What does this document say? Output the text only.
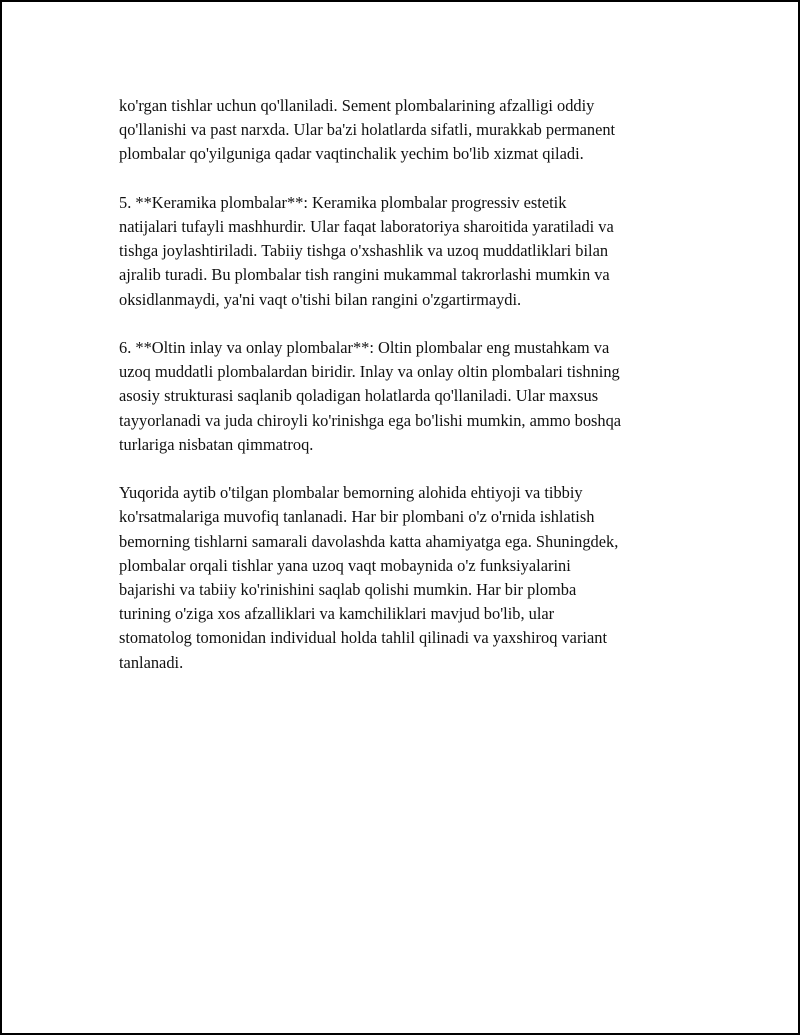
ko'rgan tishlar uchun qo'llaniladi. Sement plombalarining afzalligi oddiy
qo'llanishi va past narxda. Ular ba'zi holatlarda sifatli, murakkab permanent
plombalar qo'yilguniga qadar vaqtinchalik yechim bo'lib xizmat qiladi.

5. **Keramika plombalar**: Keramika plombalar progressiv estetik
natijalari tufayli mashhurdir. Ular faqat laboratoriya sharoitida yaratiladi va
tishga joylashtiriladi. Tabiiy tishga o'xshashlik va uzoq muddatliklari bilan
ajralib turadi. Bu plombalar tish rangini mukammal takrorlashi mumkin va
oksidlanmaydi, ya'ni vaqt o'tishi bilan rangini o'zgartirmaydi.

6. **Oltin inlay va onlay plombalar**: Oltin plombalar eng mustahkam va
uzoq muddatli plombalardan biridir. Inlay va onlay oltin plombalari tishning
asosiy strukturasi saqlanib qoladigan holatlarda qo'llaniladi. Ular maxsus
tayyorlanadi va juda chiroyli ko'rinishga ega bo'lishi mumkin, ammo boshqa
turlariga nisbatan qimmatroq.

Yuqorida aytib o'tilgan plombalar bemorning alohida ehtiyoji va tibbiy
ko'rsatmalariga muvofiq tanlanadi. Har bir plombani o'z o'rnida ishlatish
bemorning tishlarni samarali davolashda katta ahamiyatga ega. Shuningdek,
plombalar orqali tishlar yana uzoq vaqt mobaynida o'z funksiyalarini
bajarishi va tabiiy ko'rinishini saqlab qolishi mumkin. Har bir plomba
turining o'ziga xos afzalliklari va kamchiliklari mavjud bo'lib, ular
stomatolog tomonidan individual holda tahlil qilinadi va yaxshiroq variant
tanlanadi.
